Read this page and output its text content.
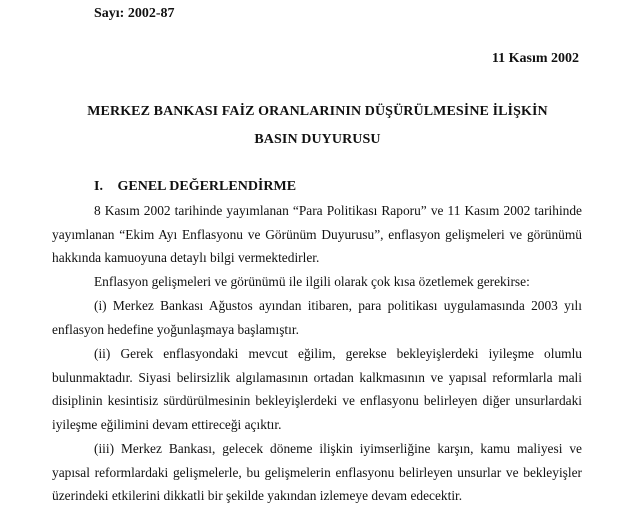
Sayı: 2002-87
11 Kasım 2002
MERKEZ BANKASI FAİZ ORANLARININ DÜŞÜRÜLMESİNE İLİŞKİN
BASIN DUYURUSU
I. GENEL DEĞERLENDİRME

8 Kasım 2002 tarihinde yayımlanan “Para Politikası Raporu” ve 11 Kasım 2002 tarihinde yayımlanan “Ekim Ayı Enflasyonu ve Görünüm Duyurusu”, enflasyon gelişmeleri ve görünümü hakkında kamuoyuna detaylı bilgi vermektedirler.

Enflasyon gelişmeleri ve görünümü ile ilgili olarak çok kısa özetlemek gerekirse:

(i) Merkez Bankası Ağustos ayından itibaren, para politikası uygulamasında 2003 yılı enflasyon hedefine yoğunlaşmaya başlamıştır.

(ii) Gerek enflasyondaki mevcut eğilim, gerekse bekleyişlerdeki iyileşme olumlu bulunmaktadır. Siyasi belirsizlik algılamasının ortadan kalkmasının ve yapısal reformlarla mali disiplinin kesintisiz sürdürülmesinin bekleyişlerdeki ve enflasyonu belirleyen diğer unsurlardaki iyileşme eğilimini devam ettireceği açıktır.

(iii) Merkez Bankası, gelecek döneme ilişkin iyimserliğine karşın, kamu maliyesi ve yapısal reformlardaki gelişmelerle, bu gelişmelerin enflasyonu belirleyen unsurlar ve bekleyişler üzerindeki etkilerini dikkatli bir şekilde yakından izlemeye devam edecektir.
